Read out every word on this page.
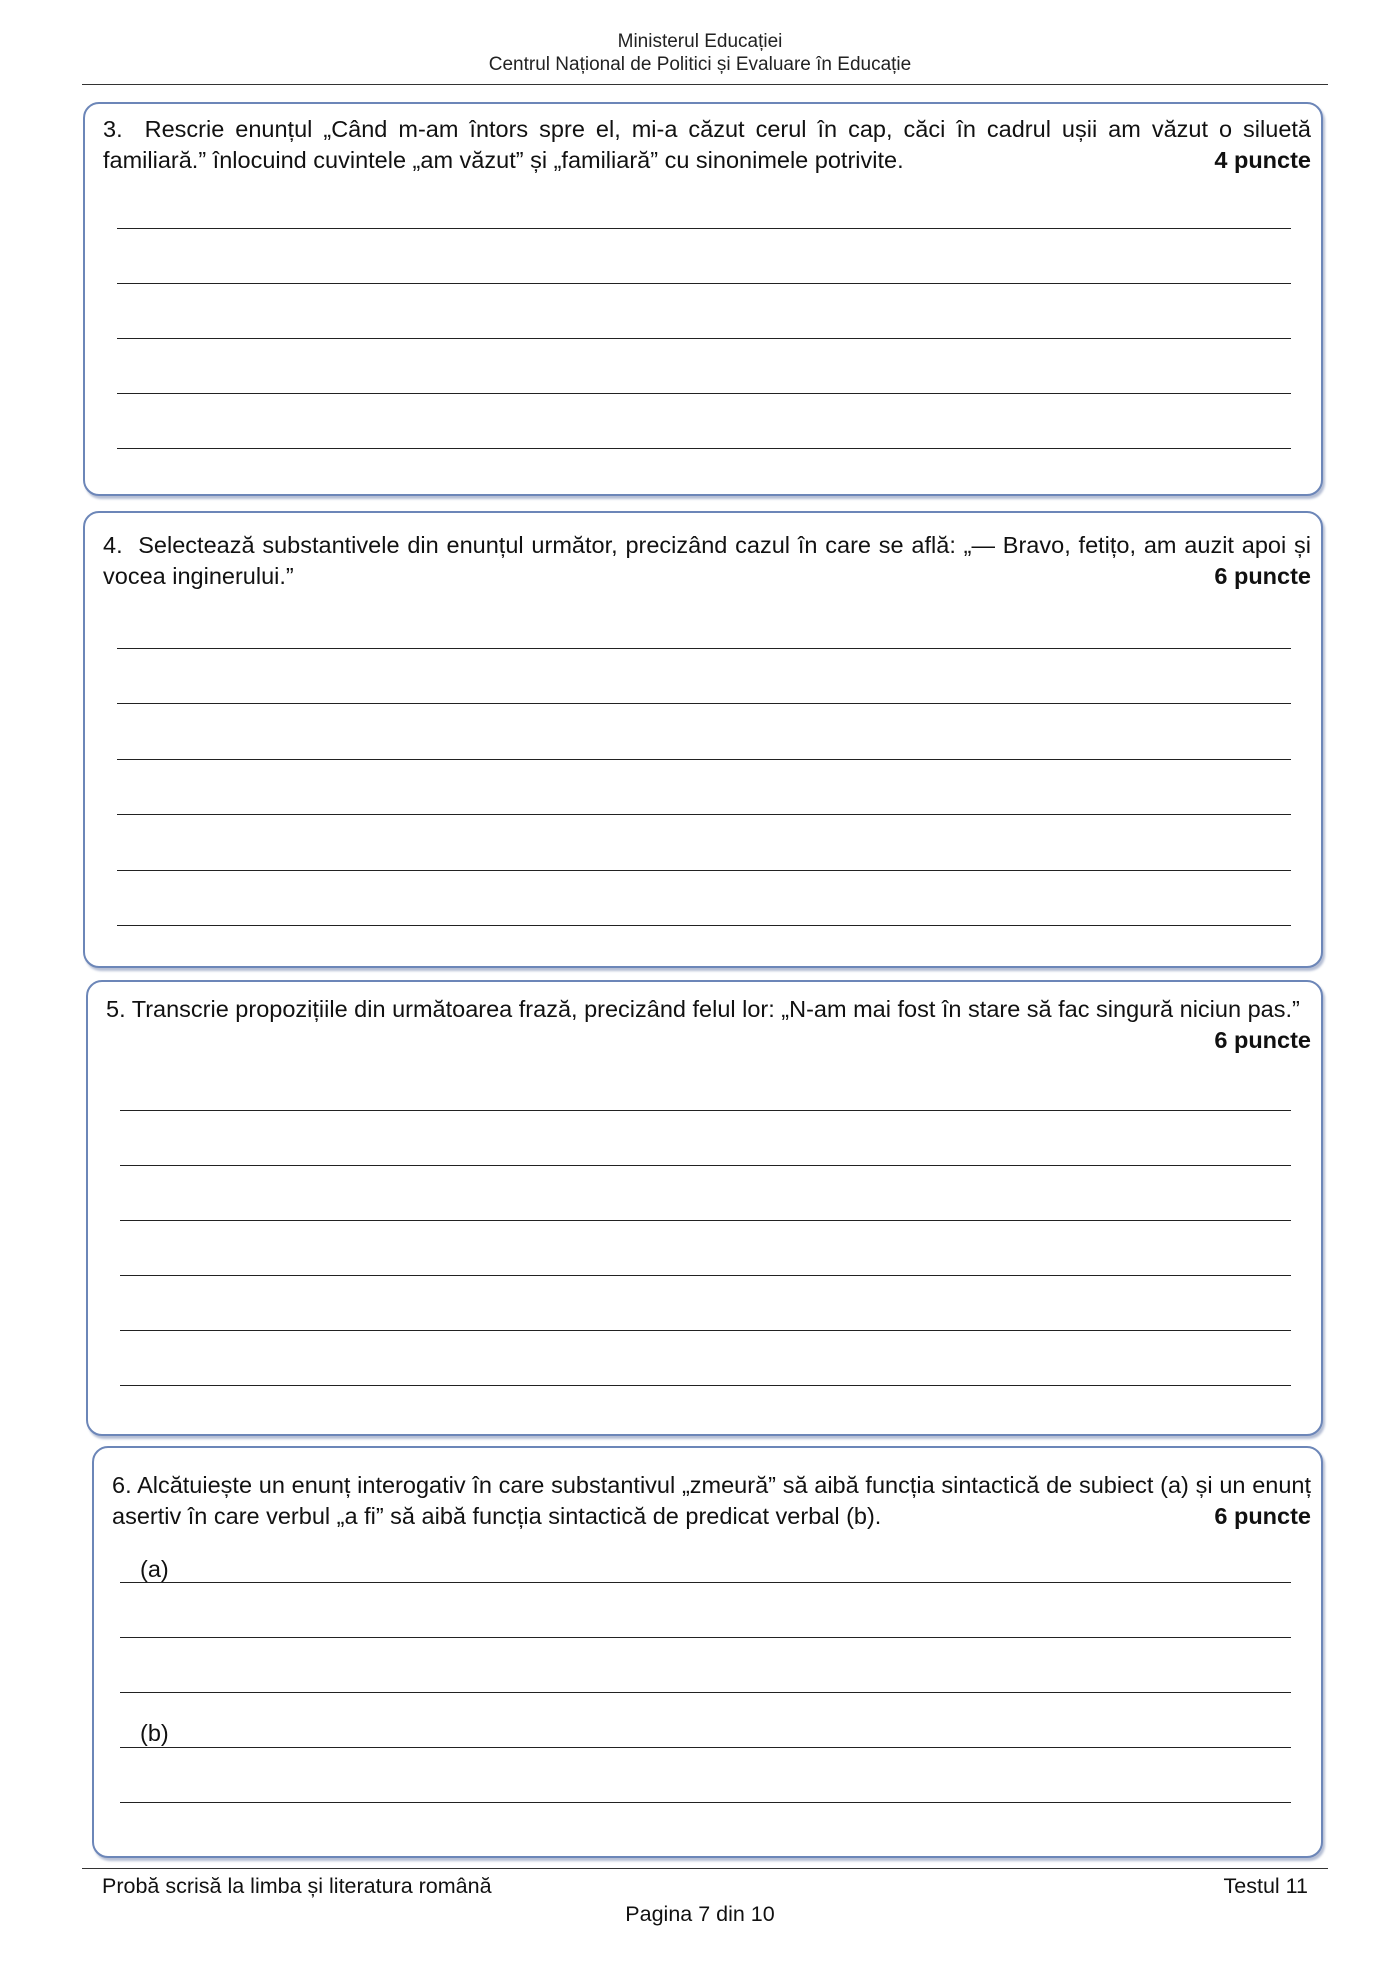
Ministerul Educației
Centrul Național de Politici și Evaluare în Educație

3. Rescrie enunțul „Când m-am întors spre el, mi-a căzut cerul în cap, căci în cadrul ușii am văzut o siluetă familiară.” înlocuind cuvintele „am văzut” și „familiară” cu sinonimele potrivite.	4 puncte

4. Selectează substantivele din enunțul următor, precizând cazul în care se află: „— Bravo, fetițo, am auzit apoi și vocea inginerului.”	6 puncte

5. Transcrie propozițiile din următoarea frază, precizând felul lor: „N-am mai fost în stare să fac singură niciun pas.”
6 puncte

6. Alcătuiește un enunț interogativ în care substantivul „zmeură” să aibă funcția sintactică de subiect (a) și un enunț asertiv în care verbul „a fi” să aibă funcția sintactică de predicat verbal (b).	6 puncte

(a)
(b)
Probă scrisă la limba și literatura română	Testul 11
Pagina 7 din 10
